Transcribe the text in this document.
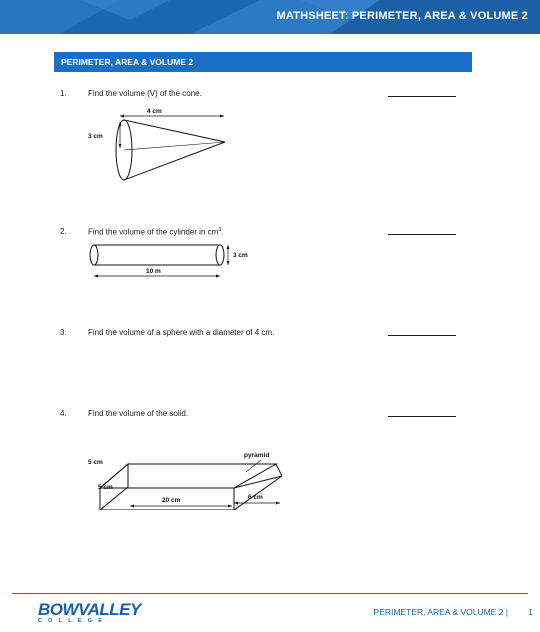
MATHSHEET: PERIMETER, AREA & VOLUME 2
PERIMETER, AREA & VOLUME 2
1.	Find the volume (V) of the cone.
4 cm
3 cm
2.	Find the volume of the cylinder in $cm^3$.
3 cm
10 m
3.	Find the volume of a sphere with a diameter of 4 cm.
4.	Find the volume of the solid.
pyramid
5 cm
5 cm
20 cm	6 cm
BOWVALLEY
COLLEGE
PERIMETER, AREA & VOLUME 2 | 1
